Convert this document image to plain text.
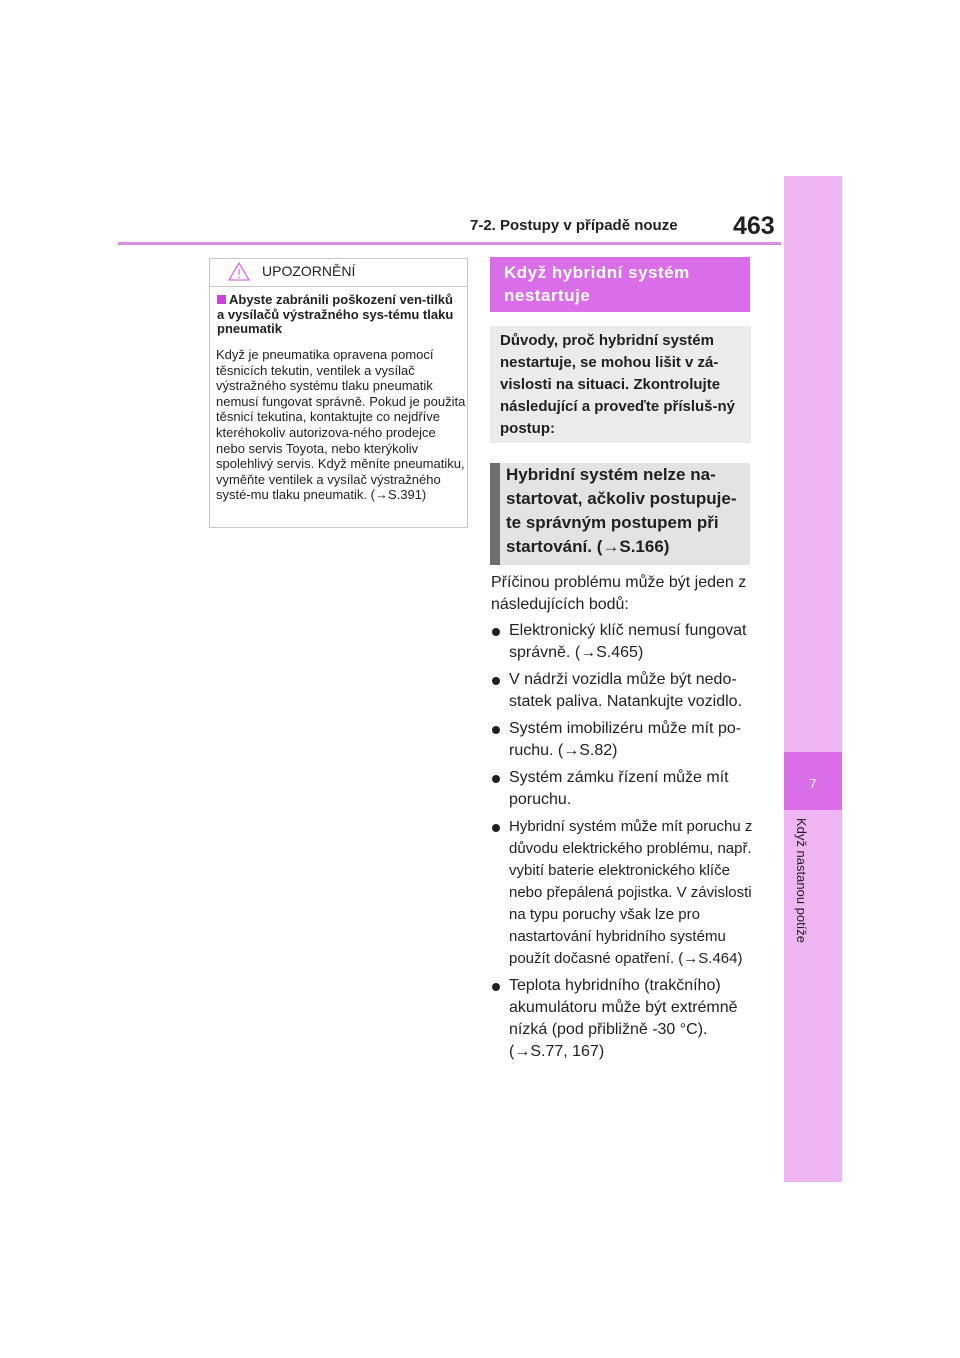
7-2. Postupy v případě nouze 463
7
Když nastanou potíže
UPOZORNĚNÍ
Abyste zabránili poškození ven-tilků a vysílačů výstražného sys-tému tlaku pneumatik
Když je pneumatika opravena pomocí těsnicích tekutin, ventilek a vysílač výstražného systému tlaku pneumatik nemusí fungovat správně. Pokud je použita těsnicí tekutina, kontaktujte co nejdříve kteréhokoliv autorizova-ného prodejce nebo servis Toyota, nebo kterýkoliv spolehlivý servis. Když měníte pneumatiku, vyměňte ventilek a vysílač výstražného systé-mu tlaku pneumatik. (→S.391)
Když hybridní systém nestartuje
Důvody, proč hybridní systém nestartuje, se mohou lišit v zá-vislosti na situaci. Zkontrolujte následující a proveďte přísluš-ný postup:
Hybridní systém nelze na-startovat, ačkoliv postupuje-te správným postupem při startování. (→S.166)
Příčinou problému může být jeden z následujících bodů:
Elektronický klíč nemusí fungovat správně. (→S.465)
V nádrži vozidla může být nedo-statek paliva. Natankujte vozidlo.
Systém imobilizéru může mít po-ruchu. (→S.82)
Systém zámku řízení může mít poruchu.
Hybridní systém může mít poruchu z důvodu elektrického problému, např. vybití baterie elektronického klíče nebo přepálená pojistka. V závislosti na typu poruchy však lze pro nastartování hybridního systému použít dočasné opatření. (→S.464)
Teplota hybridního (trakčního) akumulátoru může být extrémně nízká (pod přibližně -30 °C). (→S.77, 167)
